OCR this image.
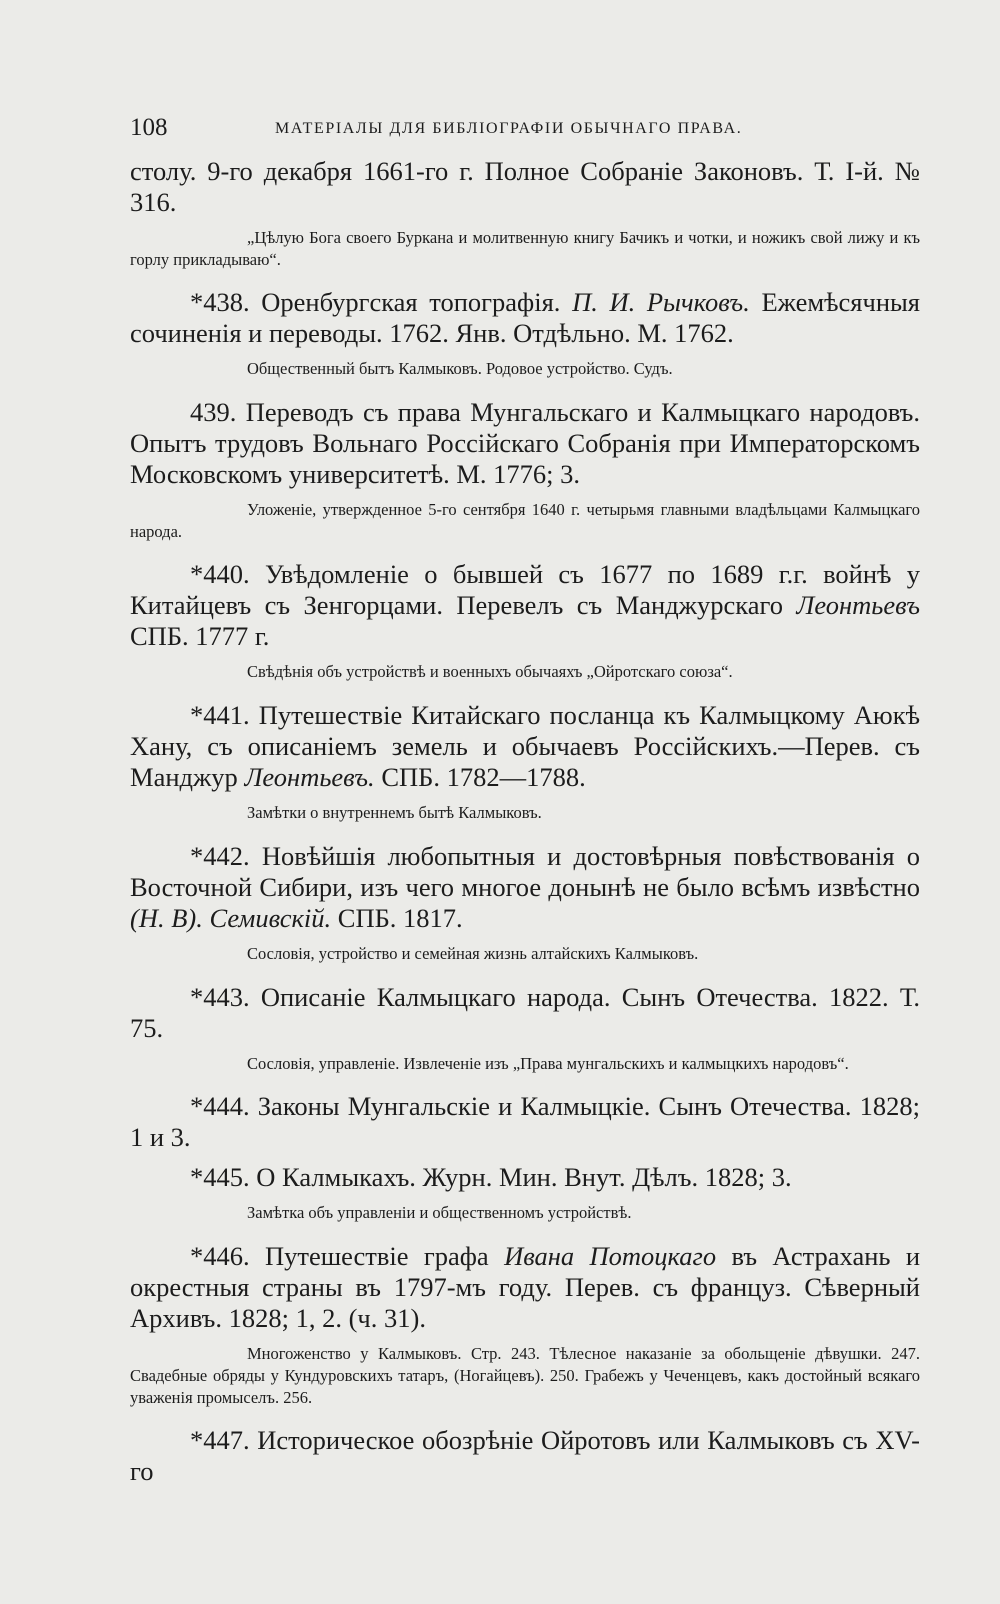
108	МАТЕРIАЛЫ ДЛЯ БИБЛIОГРАФIИ ОБЫЧНАГО ПРАВА.
столу. 9-го декабря 1661-го г. Полное Собранiе Законовъ. Т. I-й. № 316.
„Цѣлую Бога своего Буркана и молитвенную книгу Бачикъ и чотки, и ножикъ свой лижу и къ горлу прикладываю“.
*438. Оренбургская топографiя. П. И. Рычковъ. Ежемѣсячныя сочиненiя и переводы. 1762. Янв. Отдѣльно. М. 1762.
Общественный бытъ Калмыковъ. Родовое устройство. Судъ.
439. Переводъ съ права Мунгальскаго и Калмыцкаго народовъ. Опытъ трудовъ Вольнаго Россiйскаго Собранiя при Императорскомъ Московскомъ университетѣ. М. 1776; 3.
Уложенiе, утвержденное 5-го сентября 1640 г. четырьмя главными владѣльцами Калмыцкаго народа.
*440. Увѣдомленiе о бывшей съ 1677 по 1689 г.г. войнѣ у Китайцевъ съ Зенгорцами. Перевелъ съ Манджурскаго Леонтьевъ СПБ. 1777 г.
Свѣдѣнiя объ устройствѣ и военныхъ обычаяхъ „Ойротскаго союза“.
*441. Путешествiе Китайскаго посланца къ Калмыцкому Аюкѣ Хану, съ описанiемъ земель и обычаевъ Россiйскихъ.—Перев. съ Манджур Леонтьевъ. СПБ. 1782—1788.
Замѣтки о внутреннемъ бытѣ Калмыковъ.
*442. Новѣйшiя любопытныя и достовѣрныя повѣствованiя о Восточной Сибири, изъ чего многое донынѣ не было всѣмъ извѣстно (Н. В). Семивскiй. СПБ. 1817.
Сословiя, устройство и семейная жизнь алтайскихъ Калмыковъ.
*443. Описанiе Калмыцкаго народа. Сынъ Отечества. 1822. Т. 75.
Сословiя, управленiе. Извлеченiе изъ „Права мунгальскихъ и калмыцкихъ народовъ“.
*444. Законы Мунгальскiе и Калмыцкiе. Сынъ Отечества. 1828; 1 и 3.
*445. О Калмыкахъ. Журн. Мин. Внут. Дѣлъ. 1828; 3.
Замѣтка объ управленiи и общественномъ устройствѣ.
*446. Путешествiе графа Ивана Потоцкаго въ Астрахань и окрестныя страны въ 1797-мъ году. Перев. съ француз. Сѣверный Архивъ. 1828; 1, 2. (ч. 31).
Многоженство у Калмыковъ. Стр. 243. Тѣлесное наказанiе за обольщенiе дѣвушки. 247. Свадебные обряды у Кундуровскихъ татаръ, (Ногайцевъ). 250. Грабежъ у Чеченцевъ, какъ достойный всякаго уваженiя промыселъ. 256.
*447. Историческое обозрѣнiе Ойротовъ или Калмыковъ съ XV-го
